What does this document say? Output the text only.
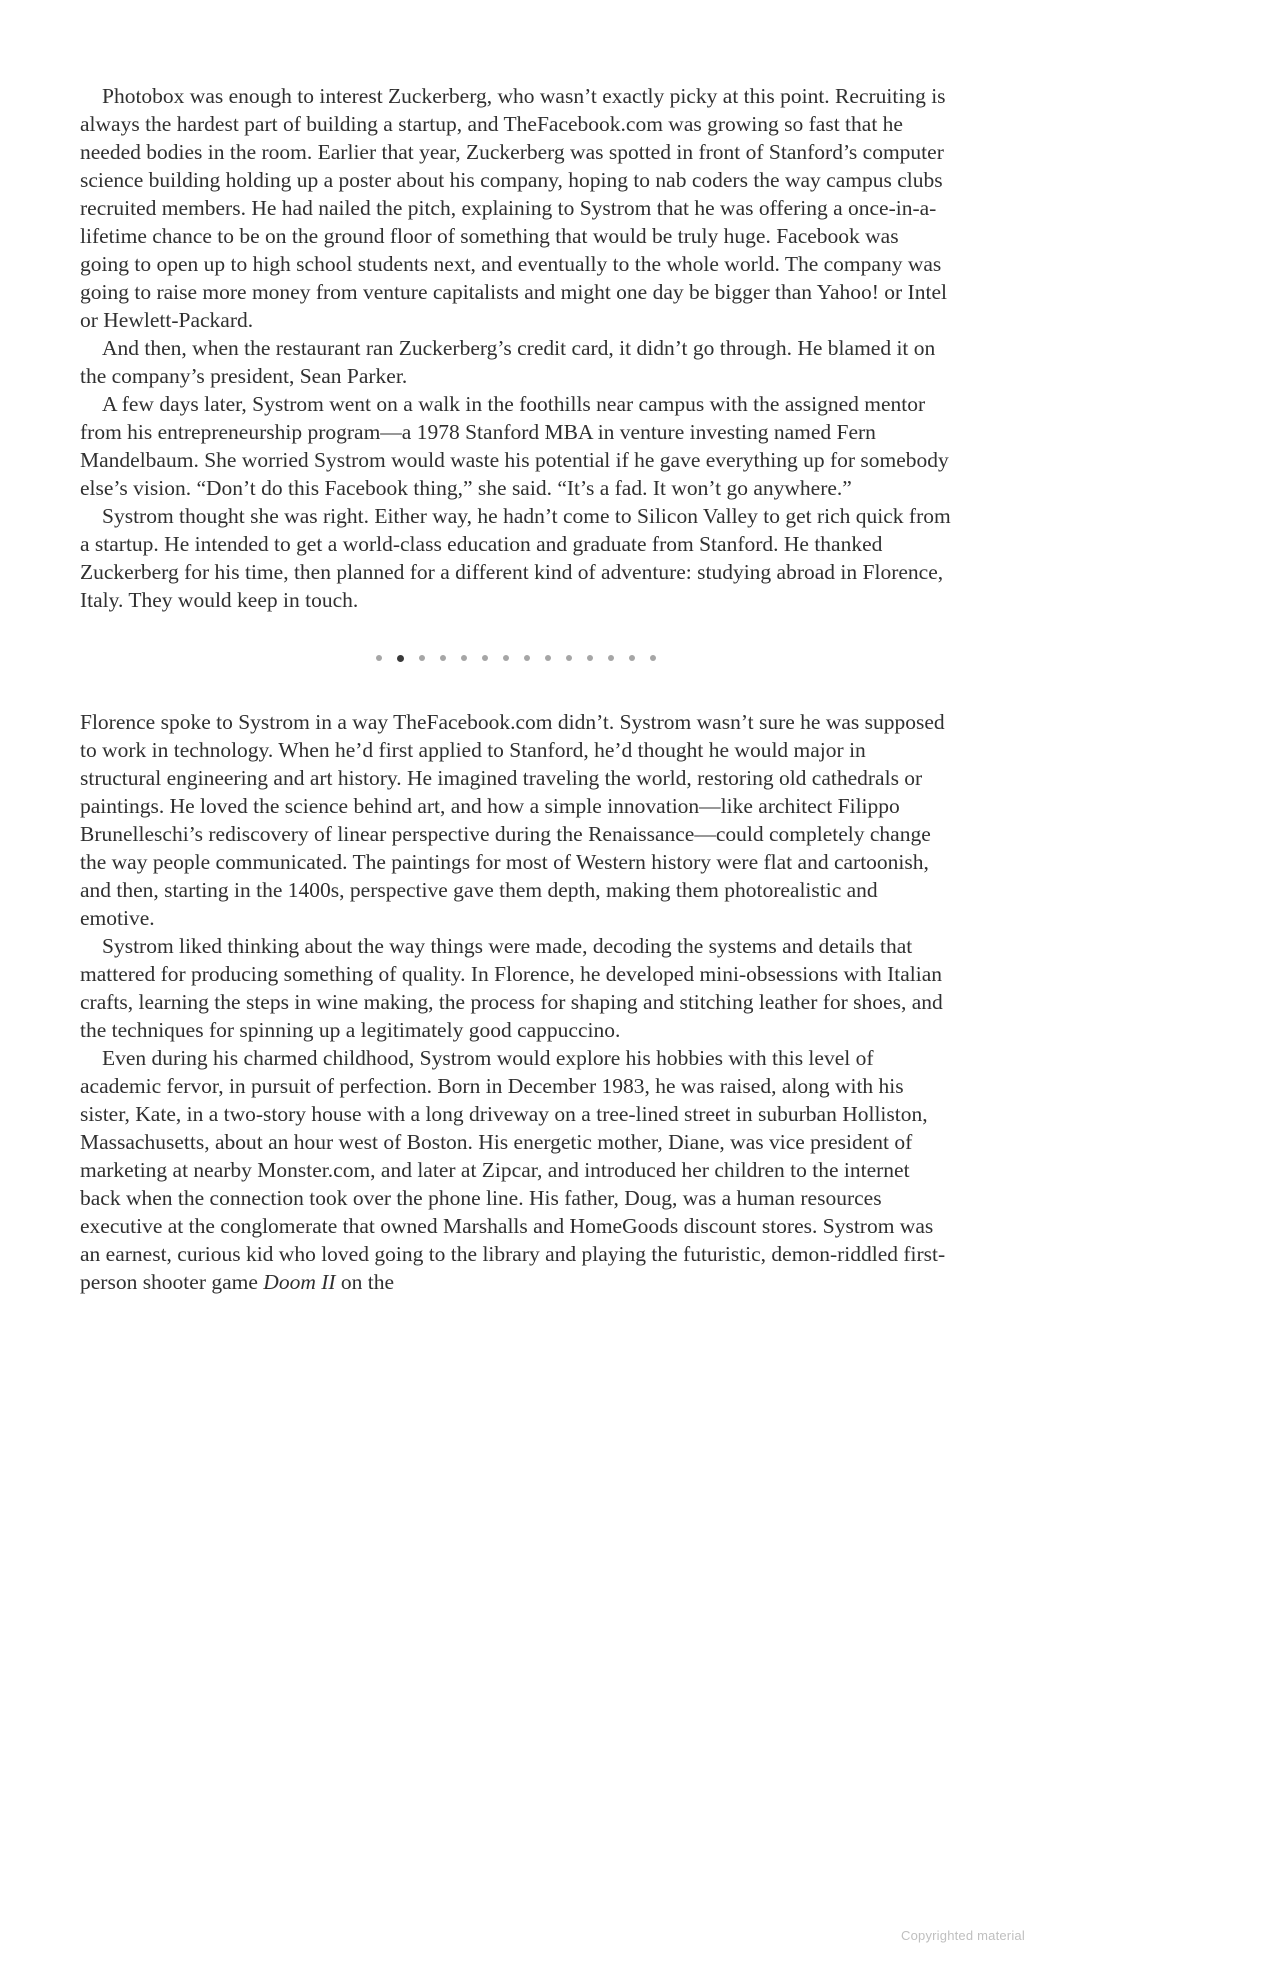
Photobox was enough to interest Zuckerberg, who wasn’t exactly picky at this point. Recruiting is always the hardest part of building a startup, and TheFacebook.com was growing so fast that he needed bodies in the room. Earlier that year, Zuckerberg was spotted in front of Stanford’s computer science building holding up a poster about his company, hoping to nab coders the way campus clubs recruited members. He had nailed the pitch, explaining to Systrom that he was offering a once-in-a-lifetime chance to be on the ground floor of something that would be truly huge. Facebook was going to open up to high school students next, and eventually to the whole world. The company was going to raise more money from venture capitalists and might one day be bigger than Yahoo! or Intel or Hewlett-Packard.

And then, when the restaurant ran Zuckerberg’s credit card, it didn’t go through. He blamed it on the company’s president, Sean Parker.

A few days later, Systrom went on a walk in the foothills near campus with the assigned mentor from his entrepreneurship program—a 1978 Stanford MBA in venture investing named Fern Mandelbaum. She worried Systrom would waste his potential if he gave everything up for somebody else’s vision. “Don’t do this Facebook thing,” she said. “It’s a fad. It won’t go anywhere.”

Systrom thought she was right. Either way, he hadn’t come to Silicon Valley to get rich quick from a startup. He intended to get a world-class education and graduate from Stanford. He thanked Zuckerberg for his time, then planned for a different kind of adventure: studying abroad in Florence, Italy. They would keep in touch.

Florence spoke to Systrom in a way TheFacebook.com didn’t. Systrom wasn’t sure he was supposed to work in technology. When he’d first applied to Stanford, he’d thought he would major in structural engineering and art history. He imagined traveling the world, restoring old cathedrals or paintings. He loved the science behind art, and how a simple innovation—like architect Filippo Brunelleschi’s rediscovery of linear perspective during the Renaissance—could completely change the way people communicated. The paintings for most of Western history were flat and cartoonish, and then, starting in the 1400s, perspective gave them depth, making them photorealistic and emotive.

Systrom liked thinking about the way things were made, decoding the systems and details that mattered for producing something of quality. In Florence, he developed mini-obsessions with Italian crafts, learning the steps in wine making, the process for shaping and stitching leather for shoes, and the techniques for spinning up a legitimately good cappuccino.

Even during his charmed childhood, Systrom would explore his hobbies with this level of academic fervor, in pursuit of perfection. Born in December 1983, he was raised, along with his sister, Kate, in a two-story house with a long driveway on a tree-lined street in suburban Holliston, Massachusetts, about an hour west of Boston. His energetic mother, Diane, was vice president of marketing at nearby Monster.com, and later at Zipcar, and introduced her children to the internet back when the connection took over the phone line. His father, Doug, was a human resources executive at the conglomerate that owned Marshalls and HomeGoods discount stores. Systrom was an earnest, curious kid who loved going to the library and playing the futuristic, demon-riddled first-person shooter game Doom II on the

Copyrighted material
